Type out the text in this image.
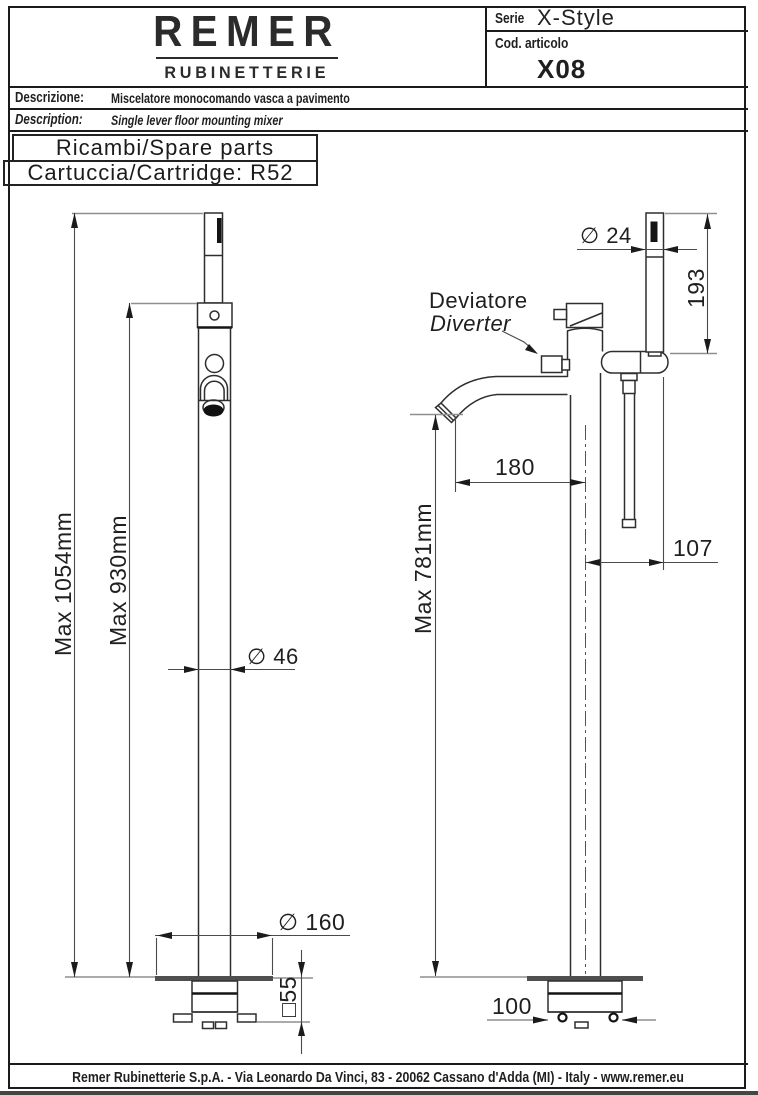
REMER
RUBINETTERIE
Serie X-Style
Cod. articolo
X08
Descrizione:	Miscelatore monocomando vasca a pavimento
Description:	Single lever floor mounting mixer
Ricambi/Spare parts
Cartuccia/Cartridge: R52
Max 1054mm Max 930mm
∅ 46
∅ 160
□55
Deviatore
Diverter
∅ 24
193
180
Max 781mm	107
100
Remer Rubinetterie S.p.A. - Via Leonardo Da Vinci, 83 - 20062 Cassano d'Adda (MI) - Italy - www.remer.eu
